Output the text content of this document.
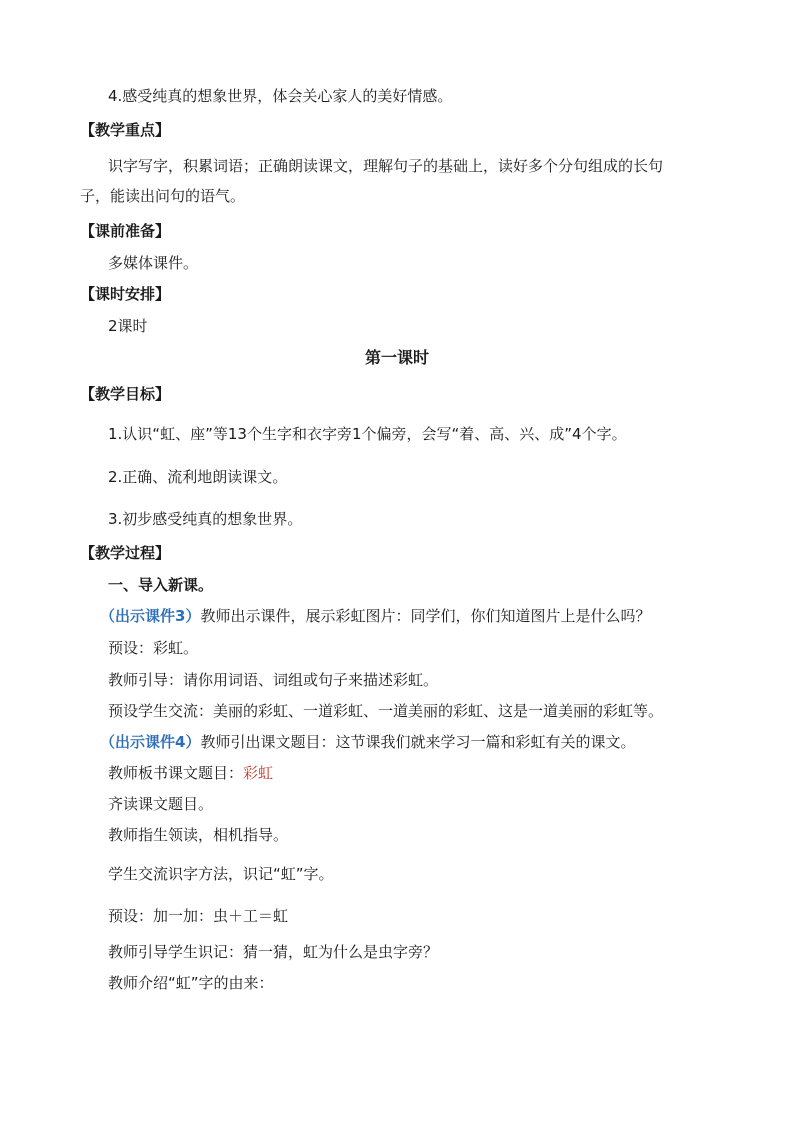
4.感受纯真的想象世界，体会关心家人的美好情感。
【教学重点】
识字写字，积累词语；正确朗读课文，理解句子的基础上，读好多个分句组成的长句
子，能读出问句的语气。
【课前准备】
多媒体课件。
【课时安排】
2课时
第一课时
【教学目标】
1.认识“虹、座”等13个生字和衣字旁1个偏旁，会写“着、高、兴、成”4个字。
2.正确、流利地朗读课文。
3.初步感受纯真的想象世界。
【教学过程】
一、导入新课。
（出示课件3）教师出示课件，展示彩虹图片：同学们，你们知道图片上是什么吗？
预设：彩虹。
教师引导：请你用词语、词组或句子来描述彩虹。
预设学生交流：美丽的彩虹、一道彩虹、一道美丽的彩虹、这是一道美丽的彩虹等。
（出示课件4）教师引出课文题目：这节课我们就来学习一篇和彩虹有关的课文。
教师板书课文题目：彩虹
齐读课文题目。
教师指生领读，相机指导。
学生交流识字方法，识记“虹”字。
预设：加一加：虫＋工＝虹
教师引导学生识记：猜一猜，虹为什么是虫字旁？
教师介绍“虹”字的由来：
